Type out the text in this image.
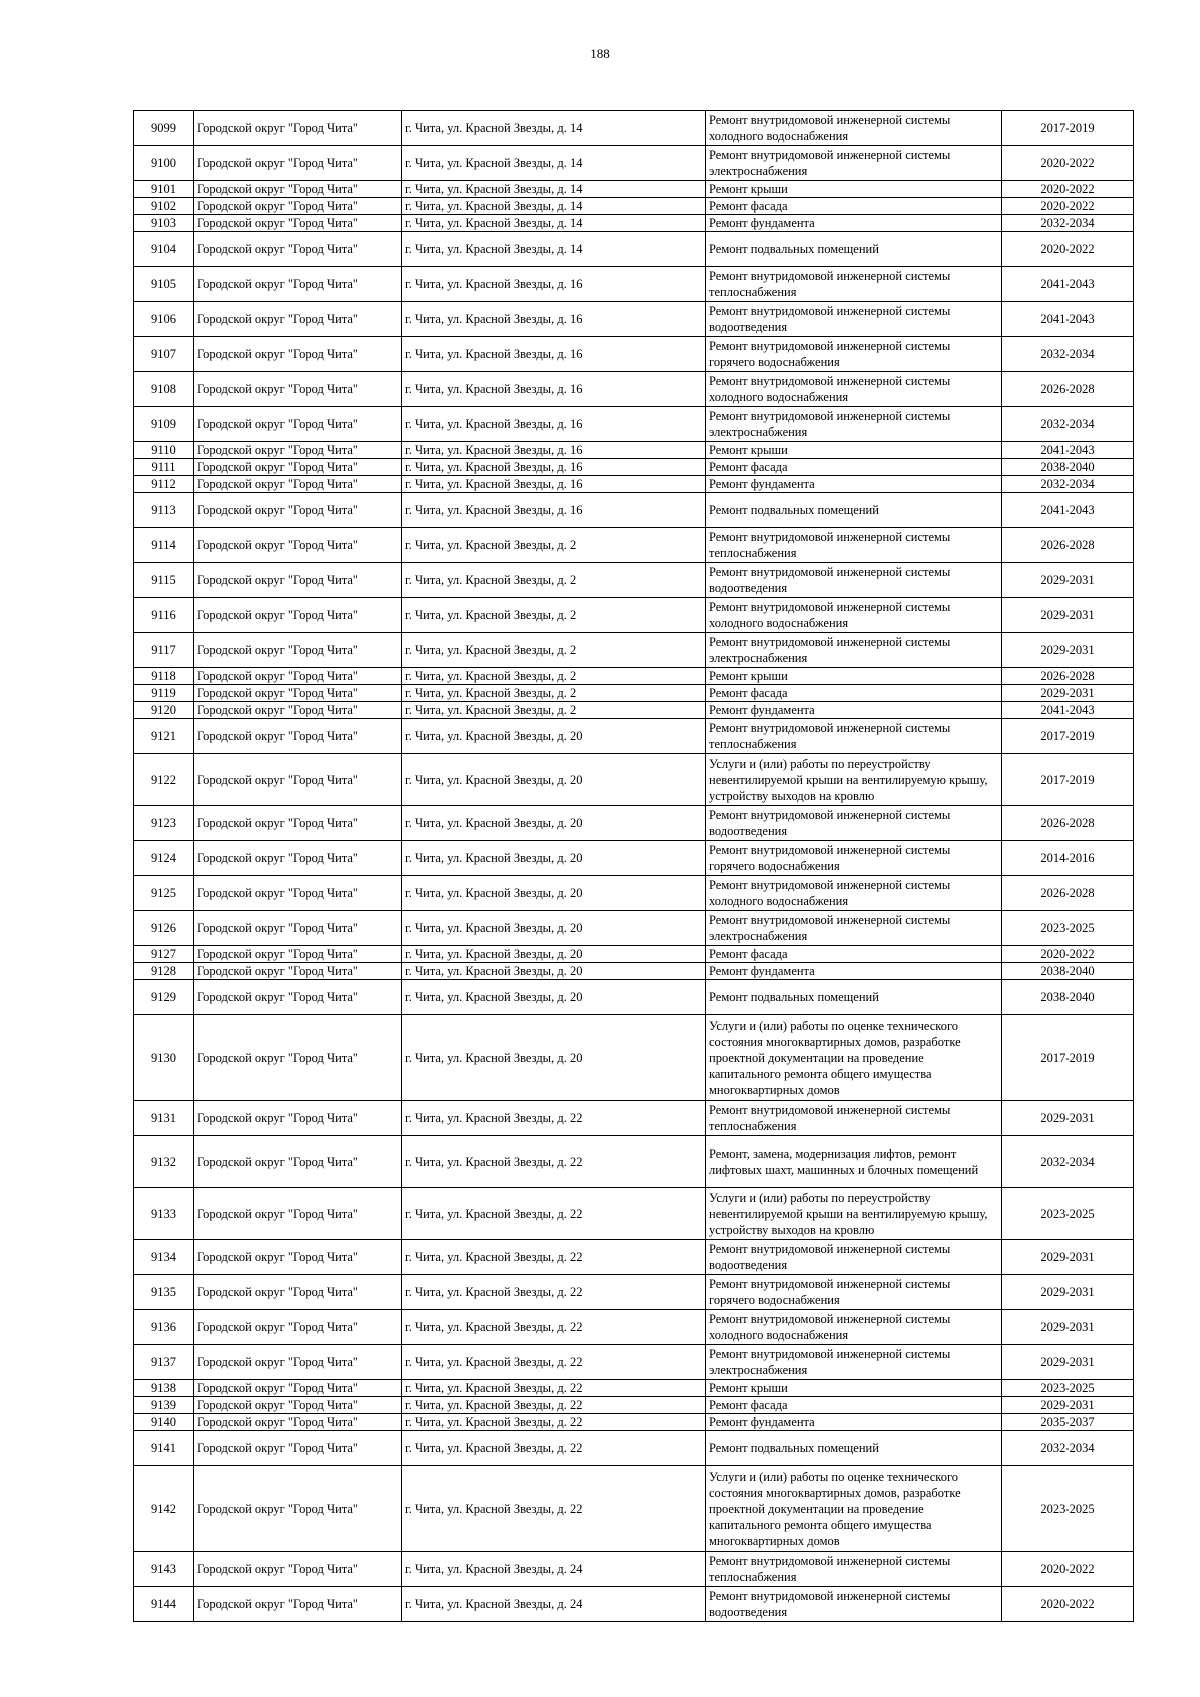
188
9099	Городской округ "Город Чита"	г. Чита, ул. Красной Звезды, д. 14	Ремонт внутридомовой инженерной системы холодного водоснабжения	2017-2019
9100	Городской округ "Город Чита"	г. Чита, ул. Красной Звезды, д. 14	Ремонт внутридомовой инженерной системы электроснабжения	2020-2022
9101	Городской округ "Город Чита"	г. Чита, ул. Красной Звезды, д. 14	Ремонт крыши	2020-2022
9102	Городской округ "Город Чита"	г. Чита, ул. Красной Звезды, д. 14	Ремонт фасада	2020-2022
9103	Городской округ "Город Чита"	г. Чита, ул. Красной Звезды, д. 14	Ремонт фундамента	2032-2034
9104	Городской округ "Город Чита"	г. Чита, ул. Красной Звезды, д. 14	Ремонт подвальных помещений	2020-2022
9105	Городской округ "Город Чита"	г. Чита, ул. Красной Звезды, д. 16	Ремонт внутридомовой инженерной системы теплоснабжения	2041-2043
9106	Городской округ "Город Чита"	г. Чита, ул. Красной Звезды, д. 16	Ремонт внутридомовой инженерной системы водоотведения	2041-2043
9107	Городской округ "Город Чита"	г. Чита, ул. Красной Звезды, д. 16	Ремонт внутридомовой инженерной системы горячего водоснабжения	2032-2034
9108	Городской округ "Город Чита"	г. Чита, ул. Красной Звезды, д. 16	Ремонт внутридомовой инженерной системы холодного водоснабжения	2026-2028
9109	Городской округ "Город Чита"	г. Чита, ул. Красной Звезды, д. 16	Ремонт внутридомовой инженерной системы электроснабжения	2032-2034
9110	Городской округ "Город Чита"	г. Чита, ул. Красной Звезды, д. 16	Ремонт крыши	2041-2043
9111	Городской округ "Город Чита"	г. Чита, ул. Красной Звезды, д. 16	Ремонт фасада	2038-2040
9112	Городской округ "Город Чита"	г. Чита, ул. Красной Звезды, д. 16	Ремонт фундамента	2032-2034
9113	Городской округ "Город Чита"	г. Чита, ул. Красной Звезды, д. 16	Ремонт подвальных помещений	2041-2043
9114	Городской округ "Город Чита"	г. Чита, ул. Красной Звезды, д. 2	Ремонт внутридомовой инженерной системы теплоснабжения	2026-2028
9115	Городской округ "Город Чита"	г. Чита, ул. Красной Звезды, д. 2	Ремонт внутридомовой инженерной системы водоотведения	2029-2031
9116	Городской округ "Город Чита"	г. Чита, ул. Красной Звезды, д. 2	Ремонт внутридомовой инженерной системы холодного водоснабжения	2029-2031
9117	Городской округ "Город Чита"	г. Чита, ул. Красной Звезды, д. 2	Ремонт внутридомовой инженерной системы электроснабжения	2029-2031
9118	Городской округ "Город Чита"	г. Чита, ул. Красной Звезды, д. 2	Ремонт крыши	2026-2028
9119	Городской округ "Город Чита"	г. Чита, ул. Красной Звезды, д. 2	Ремонт фасада	2029-2031
9120	Городской округ "Город Чита"	г. Чита, ул. Красной Звезды, д. 2	Ремонт фундамента	2041-2043
9121	Городской округ "Город Чита"	г. Чита, ул. Красной Звезды, д. 20	Ремонт внутридомовой инженерной системы теплоснабжения	2017-2019
9122	Городской округ "Город Чита"	г. Чита, ул. Красной Звезды, д. 20	Услуги и (или) работы по переустройству невентилируемой крыши на вентилируемую крышу, устройству выходов на кровлю	2017-2019
9123	Городской округ "Город Чита"	г. Чита, ул. Красной Звезды, д. 20	Ремонт внутридомовой инженерной системы водоотведения	2026-2028
9124	Городской округ "Город Чита"	г. Чита, ул. Красной Звезды, д. 20	Ремонт внутридомовой инженерной системы горячего водоснабжения	2014-2016
9125	Городской округ "Город Чита"	г. Чита, ул. Красной Звезды, д. 20	Ремонт внутридомовой инженерной системы холодного водоснабжения	2026-2028
9126	Городской округ "Город Чита"	г. Чита, ул. Красной Звезды, д. 20	Ремонт внутридомовой инженерной системы электроснабжения	2023-2025
9127	Городской округ "Город Чита"	г. Чита, ул. Красной Звезды, д. 20	Ремонт фасада	2020-2022
9128	Городской округ "Город Чита"	г. Чита, ул. Красной Звезды, д. 20	Ремонт фундамента	2038-2040
9129	Городской округ "Город Чита"	г. Чита, ул. Красной Звезды, д. 20	Ремонт подвальных помещений	2038-2040
9130	Городской округ "Город Чита"	г. Чита, ул. Красной Звезды, д. 20	Услуги и (или) работы по оценке технического состояния многоквартирных домов, разработке проектной документации на проведение капитального ремонта общего имущества многоквартирных домов	2017-2019
9131	Городской округ "Город Чита"	г. Чита, ул. Красной Звезды, д. 22	Ремонт внутридомовой инженерной системы теплоснабжения	2029-2031
9132	Городской округ "Город Чита"	г. Чита, ул. Красной Звезды, д. 22	Ремонт, замена, модернизация лифтов, ремонт лифтовых шахт, машинных и блочных помещений	2032-2034
9133	Городской округ "Город Чита"	г. Чита, ул. Красной Звезды, д. 22	Услуги и (или) работы по переустройству невентилируемой крыши на вентилируемую крышу, устройству выходов на кровлю	2023-2025
9134	Городской округ "Город Чита"	г. Чита, ул. Красной Звезды, д. 22	Ремонт внутридомовой инженерной системы водоотведения	2029-2031
9135	Городской округ "Город Чита"	г. Чита, ул. Красной Звезды, д. 22	Ремонт внутридомовой инженерной системы горячего водоснабжения	2029-2031
9136	Городской округ "Город Чита"	г. Чита, ул. Красной Звезды, д. 22	Ремонт внутридомовой инженерной системы холодного водоснабжения	2029-2031
9137	Городской округ "Город Чита"	г. Чита, ул. Красной Звезды, д. 22	Ремонт внутридомовой инженерной системы электроснабжения	2029-2031
9138	Городской округ "Город Чита"	г. Чита, ул. Красной Звезды, д. 22	Ремонт крыши	2023-2025
9139	Городской округ "Город Чита"	г. Чита, ул. Красной Звезды, д. 22	Ремонт фасада	2029-2031
9140	Городской округ "Город Чита"	г. Чита, ул. Красной Звезды, д. 22	Ремонт фундамента	2035-2037
9141	Городской округ "Город Чита"	г. Чита, ул. Красной Звезды, д. 22	Ремонт подвальных помещений	2032-2034
9142	Городской округ "Город Чита"	г. Чита, ул. Красной Звезды, д. 22	Услуги и (или) работы по оценке технического состояния многоквартирных домов, разработке проектной документации на проведение капитального ремонта общего имущества многоквартирных домов	2023-2025
9143	Городской округ "Город Чита"	г. Чита, ул. Красной Звезды, д. 24	Ремонт внутридомовой инженерной системы теплоснабжения	2020-2022
9144	Городской округ "Город Чита"	г. Чита, ул. Красной Звезды, д. 24	Ремонт внутридомовой инженерной системы водоотведения	2020-2022
